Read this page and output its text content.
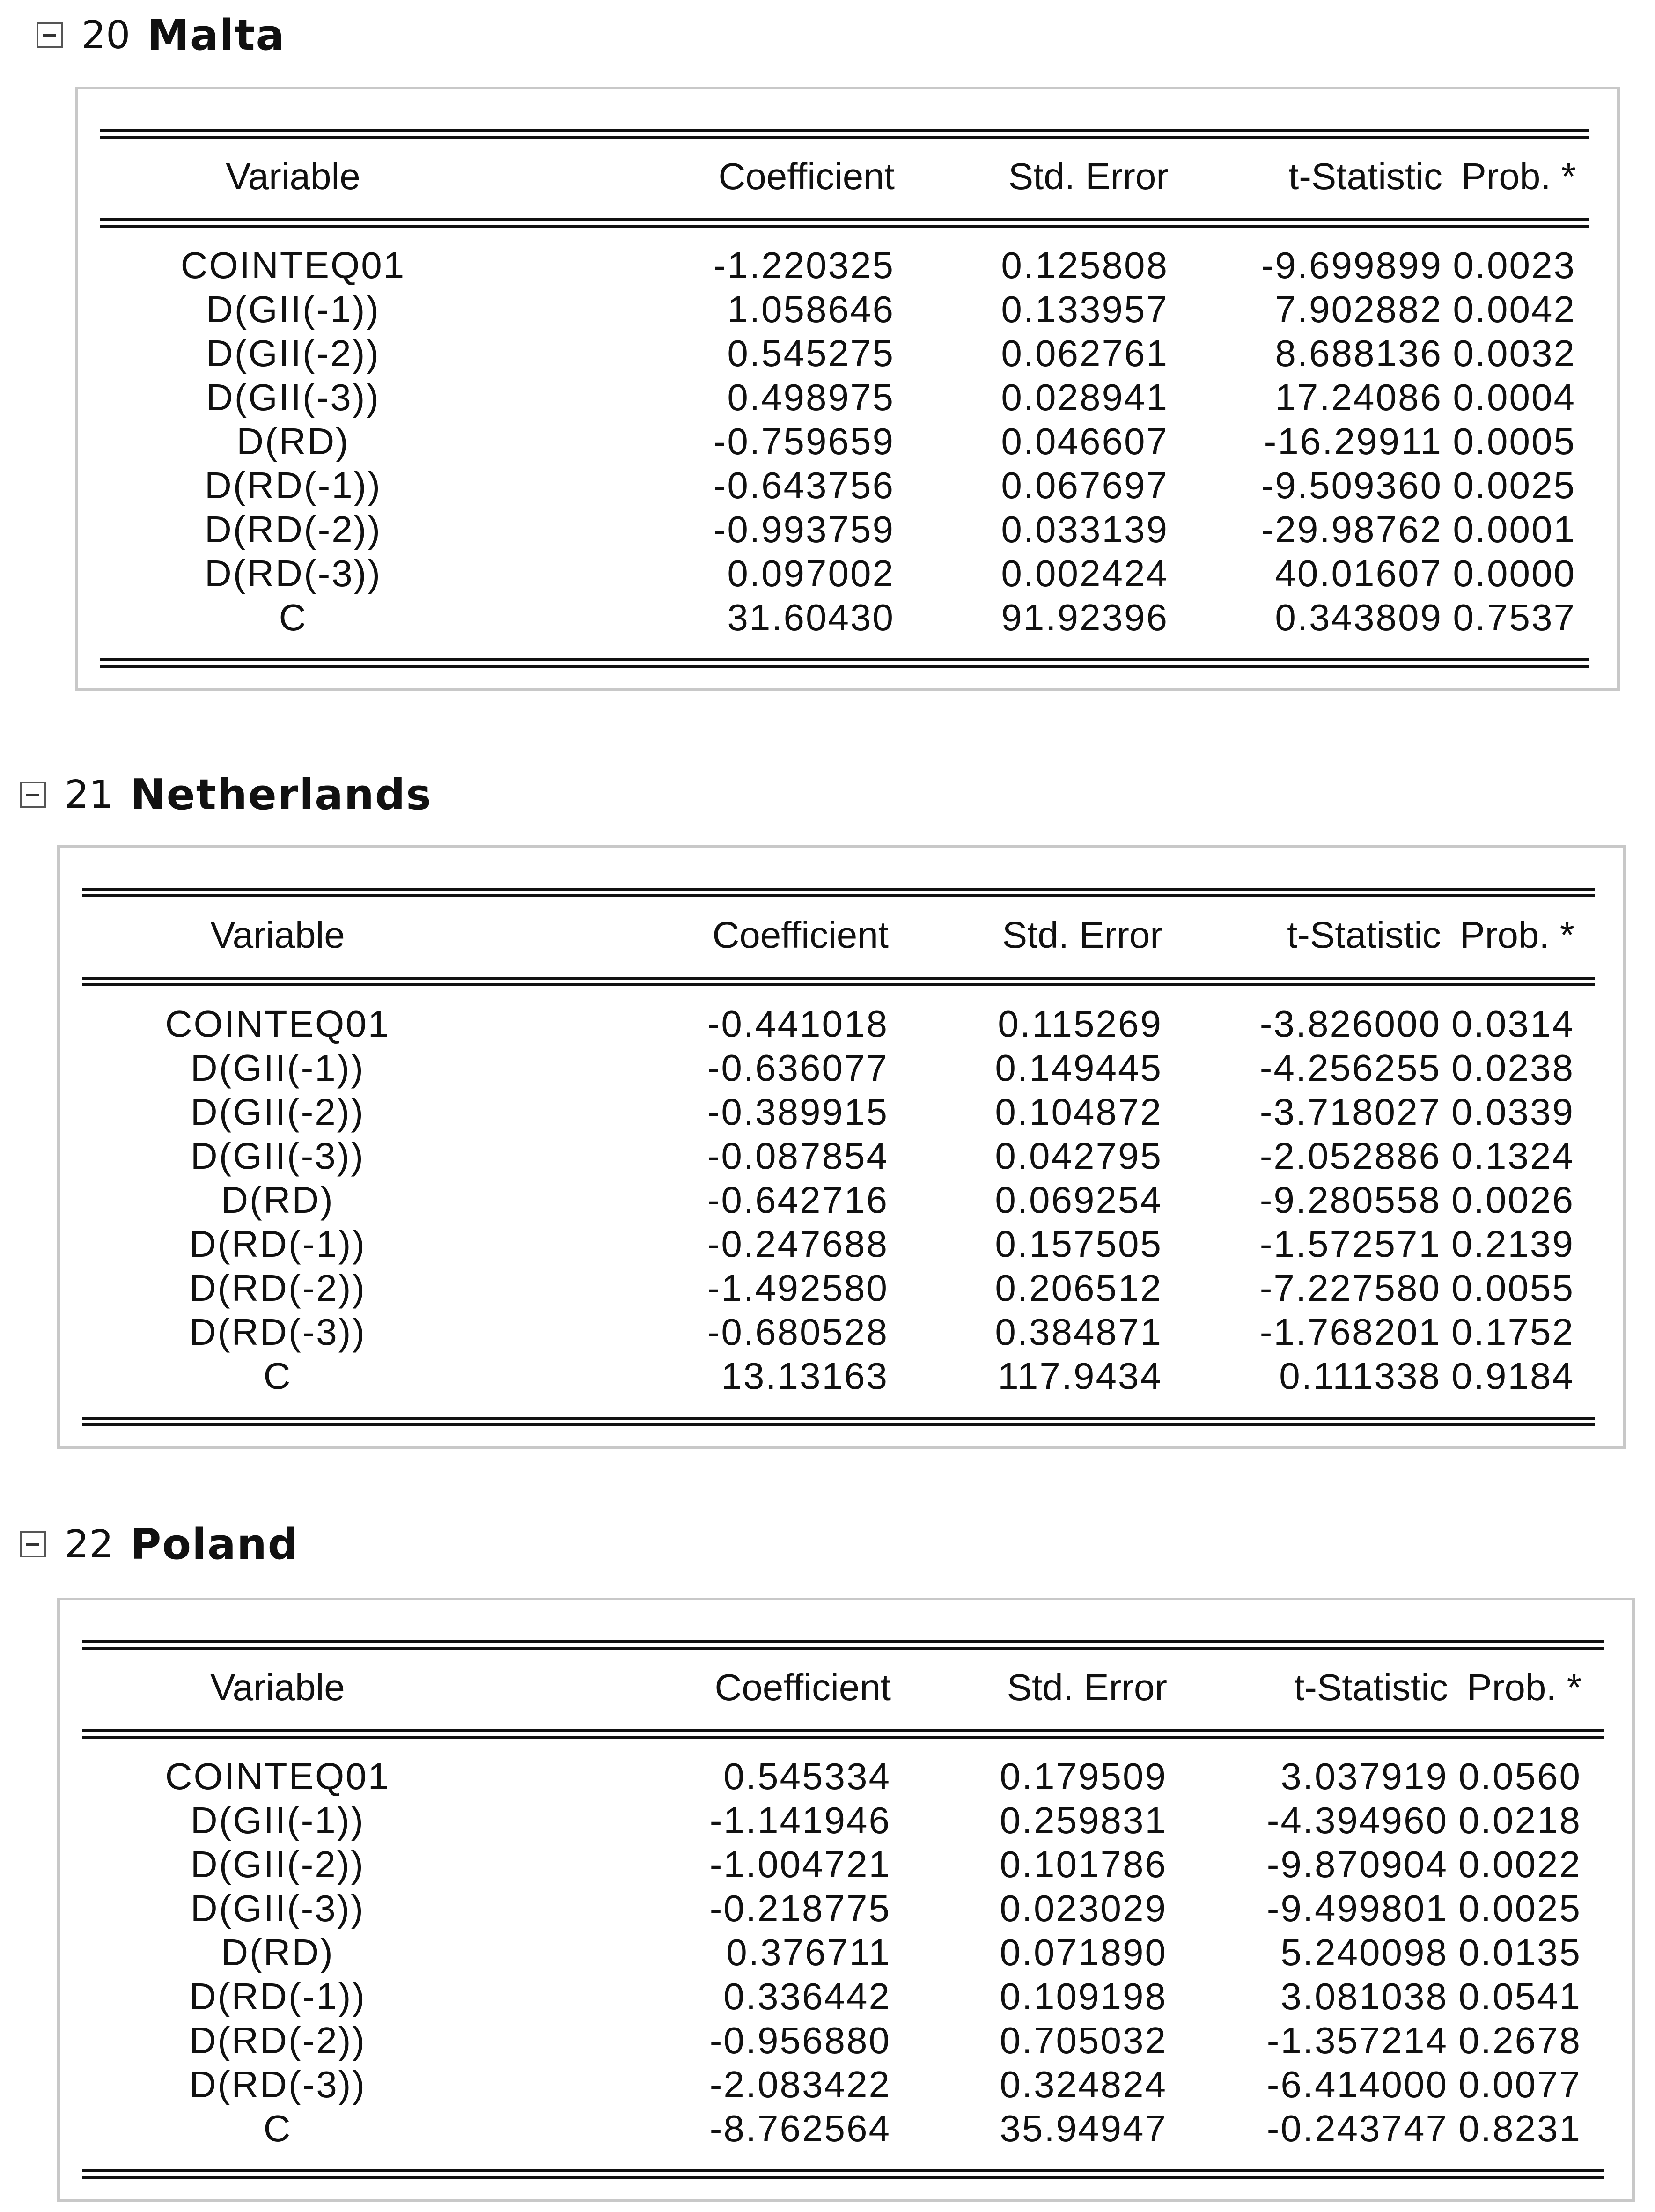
20 Malta
Variable	Coefficient	Std. Error	t-Statistic Prob. *
COINTEQ01	-1.220325	0.125808	-9.699899 0.0023
D(GII(-1))	1.058646	0.133957	7.902882 0.0042
D(GII(-2))	0.545275	0.062761	8.688136 0.0032
D(GII(-3))	0.498975	0.028941	17.24086 0.0004
D(RD)	-0.759659	0.046607	-16.29911 0.0005
D(RD(-1))	-0.643756	0.067697	-9.509360 0.0025
D(RD(-2))	-0.993759	0.033139	-29.98762 0.0001
D(RD(-3))	0.097002	0.002424	40.01607 0.0000
C	31.60430	91.92396	0.343809 0.7537
21 Netherlands
Variable	Coefficient	Std. Error	t-Statistic Prob. *
COINTEQ01	-0.441018	0.115269	-3.826000 0.0314
D(GII(-1))	-0.636077	0.149445	-4.256255 0.0238
D(GII(-2))	-0.389915	0.104872	-3.718027 0.0339
D(GII(-3))	-0.087854	0.042795	-2.052886 0.1324
D(RD)	-0.642716	0.069254	-9.280558 0.0026
D(RD(-1))	-0.247688	0.157505	-1.572571 0.2139
D(RD(-2))	-1.492580	0.206512	-7.227580 0.0055
D(RD(-3))	-0.680528	0.384871	-1.768201 0.1752
C	13.13163	117.9434	0.111338 0.9184
22 Poland
Variable	Coefficient	Std. Error	t-Statistic Prob. *
COINTEQ01	0.545334	0.179509	3.037919 0.0560
D(GII(-1))	-1.141946	0.259831	-4.394960 0.0218
D(GII(-2))	-1.004721	0.101786	-9.870904 0.0022
D(GII(-3))	-0.218775	0.023029	-9.499801 0.0025
D(RD)	0.376711	0.071890	5.240098 0.0135
D(RD(-1))	0.336442	0.109198	3.081038 0.0541
D(RD(-2))	-0.956880	0.705032	-1.357214 0.2678
D(RD(-3))	-2.083422	0.324824	-6.414000 0.0077
C	-8.762564	35.94947	-0.243747 0.8231
